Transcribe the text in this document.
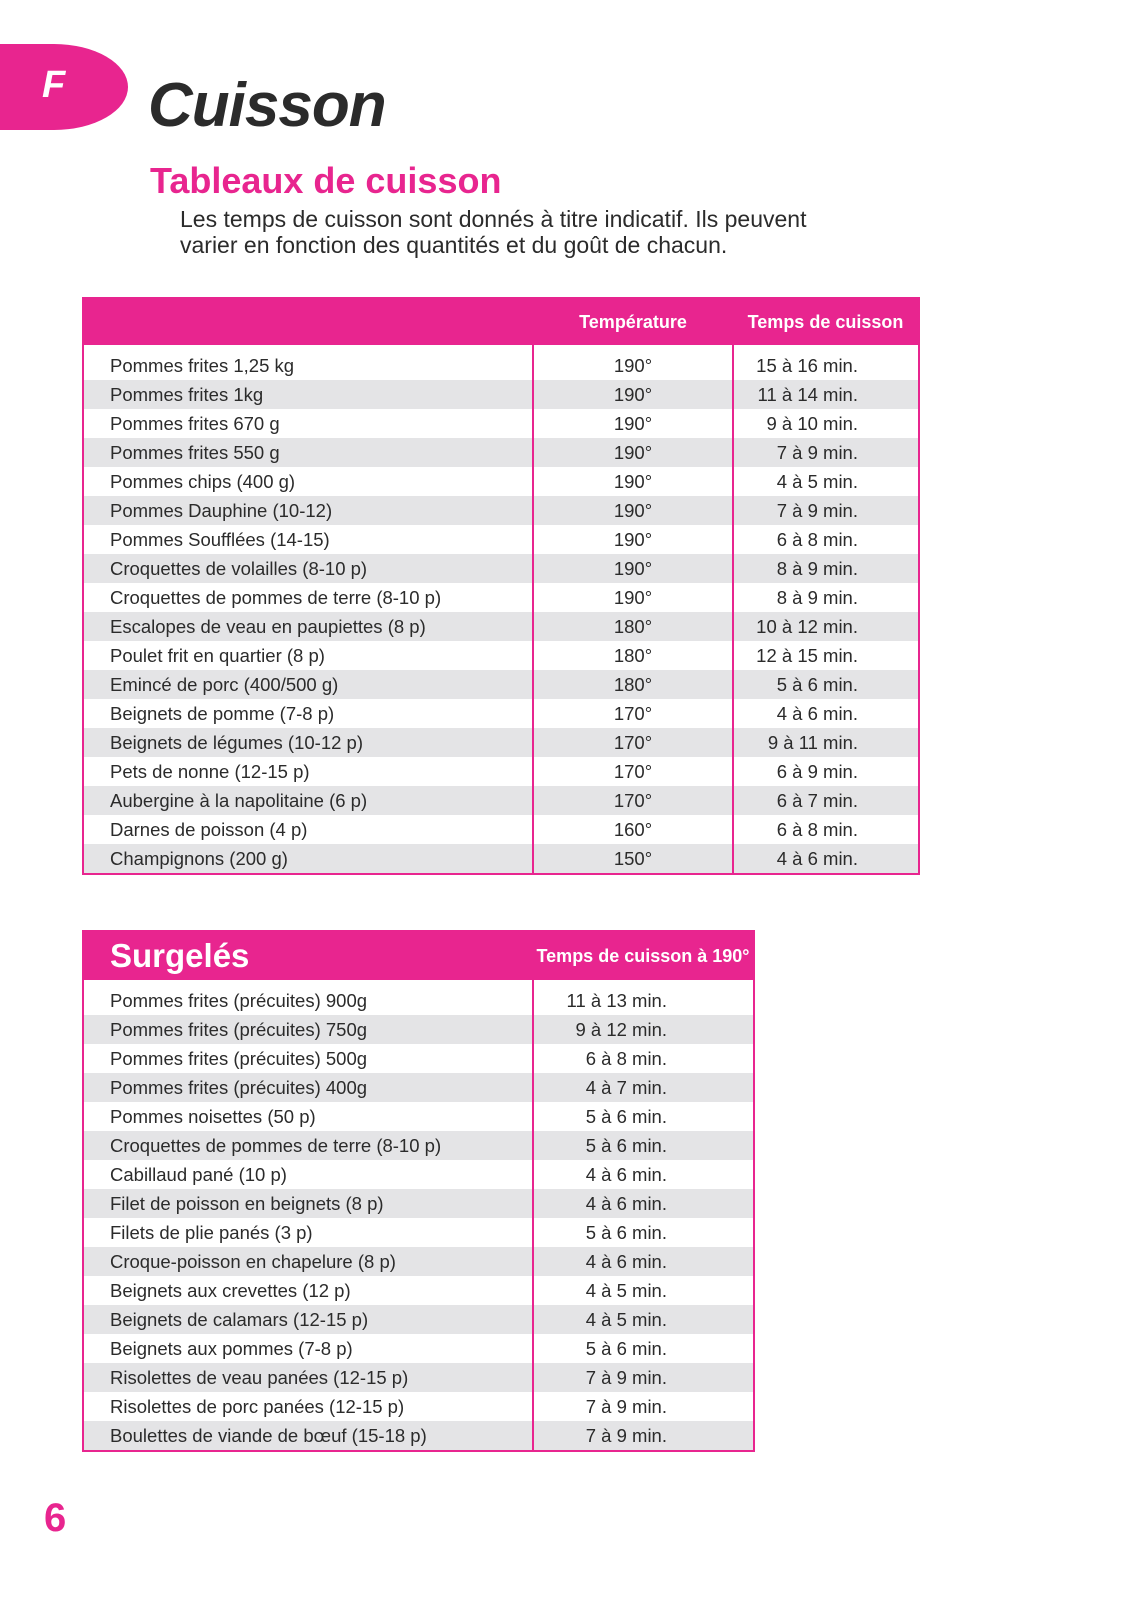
F Cuisson
Tableaux de cuisson

Les temps de cuisson sont donnés à titre indicatif. Ils peuvent varier en fonction des quantités et du goût de chacun.

	Température	Temps de cuisson
Pommes frites 1,25 kg	190°	15 à 16 min.
Pommes frites 1kg	190°	11 à 14 min.
Pommes frites 670 g	190°	9 à 10 min.
Pommes frites 550 g	190°	7 à 9 min.
Pommes chips (400 g)	190°	4 à 5 min.
Pommes Dauphine (10-12)	190°	7 à 9 min.
Pommes Soufflées (14-15)	190°	6 à 8 min.
Croquettes de volailles (8-10 p)	190°	8 à 9 min.
Croquettes de pommes de terre (8-10 p)	190°	8 à 9 min.
Escalopes de veau en paupiettes (8 p)	180°	10 à 12 min.
Poulet frit en quartier (8 p)	180°	12 à 15 min.
Emincé de porc (400/500 g)	180°	5 à 6 min.
Beignets de pomme (7-8 p)	170°	4 à 6 min.
Beignets de légumes (10-12 p)	170°	9 à 11 min.
Pets de nonne (12-15 p)	170°	6 à 9 min.
Aubergine à la napolitaine (6 p)	170°	6 à 7 min.
Darnes de poisson (4 p)	160°	6 à 8 min.
Champignons (200 g)	150°	4 à 6 min.
Surgelés	Temps de cuisson à 190°
Pommes frites (précuites) 900g	11 à 13 min.
Pommes frites (précuites) 750g	9 à 12 min.
Pommes frites (précuites) 500g	6 à 8 min.
Pommes frites (précuites) 400g	4 à 7 min.
Pommes noisettes (50 p)	5 à 6 min.
Croquettes de pommes de terre (8-10 p)	5 à 6 min.
Cabillaud pané (10 p)	4 à 6 min.
Filet de poisson en beignets (8 p)	4 à 6 min.
Filets de plie panés (3 p)	5 à 6 min.
Croque-poisson en chapelure (8 p)	4 à 6 min.
Beignets aux crevettes (12 p)	4 à 5 min.
Beignets de calamars (12-15 p)	4 à 5 min.
Beignets aux pommes (7-8 p)	5 à 6 min.
Risolettes de veau panées (12-15 p)	7 à 9 min.
Risolettes de porc panées (12-15 p)	7 à 9 min.
Boulettes de viande de bœuf (15-18 p)	7 à 9 min.

6
